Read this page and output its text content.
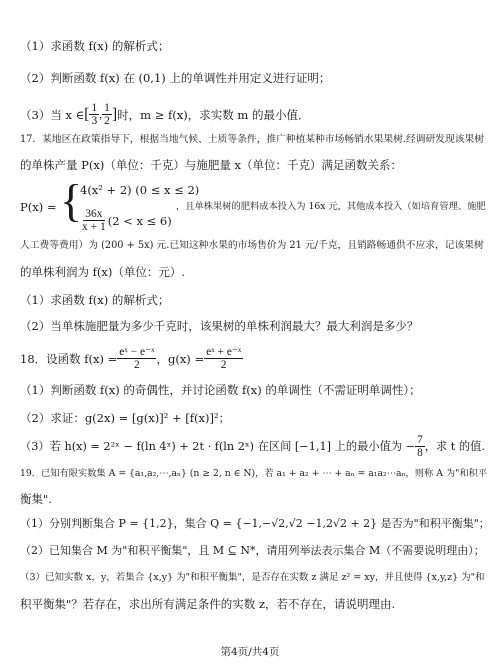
（1）求函数 f(x) 的解析式；
（2）判断函数 f(x) 在 (0,1) 上的单调性并用定义进行证明；
（3）当 x ∈ [ $\frac{1}{3}$ , $\frac{1}{2}$ ] 时，m ≥ f(x)，求实数 m 的最小值．
17．某地区在政策指导下，根据当地气候、土质等条件，推广种植某种市场畅销水果果树.经调研发现该果树
的单株产量 P(x)（单位：千克）与施肥量 x（单位：千克）满足函数关系：
P(x) = {
4(x² + 2) (0 ≤ x ≤ 2)
$\frac{36x}{x + 1} (2 < x \le 6)$
，且单株果树的肥料成本投入为 16x 元，其他成本投入（如培育管理、施肥
人工费等费用）为 (200 + 5x) 元.已知这种水果的市场售价为 21 元/千克，且销路畅通供不应求，记该果树
的单株利润为 f(x)（单位：元）.
（1）求函数 f(x) 的解析式；
（2）当单株施肥量为多少千克时，该果树的单株利润最大？最大利润是多少？
18．设函数 $f(x) = \frac{\text{eˣ − e⁻ˣ}}{2}$ ，$g(x) = \frac{\text{eˣ + e⁻ˣ}}{2}$
（1）判断函数 f(x) 的奇偶性，并讨论函数 f(x) 的单调性（不需证明单调性）；
（2）求证：g(2x) = [g(x)]² + [f(x)]²；
（3）若 h(x) = 2²ˣ − f(ln 4ˣ) + 2t · f(ln 2ˣ) 在区间 [−1,1] 上的最小值为 − $\frac{7}{8}$ ，求 t 的值.
19．已知有限实数集 A = {a₁,a₂,⋯,aₙ} (n ≥ 2, n ∈ N)，若 a₁ + a₂ + ⋯ + aₙ = a₁a₂⋯aₙ，则称 A 为"和积平
衡集".
（1）分别判断集合 P = {1,2}，集合 Q = {−1,−√2,√2 −1,2√2 + 2} 是否为"和积平衡集"；
（2）已知集合 M 为"和积平衡集"，且 M ⊆ N*，请用列举法表示集合 M（不需要说明理由）；
（3）已知实数 x，y，若集合 {x,y} 为"和积平衡集"，是否存在实数 z 满足 z² = xy，并且使得 {x,y,z} 为"和
积平衡集"？若存在，求出所有满足条件的实数 z，若不存在，请说明理由.
第4页/共4页
